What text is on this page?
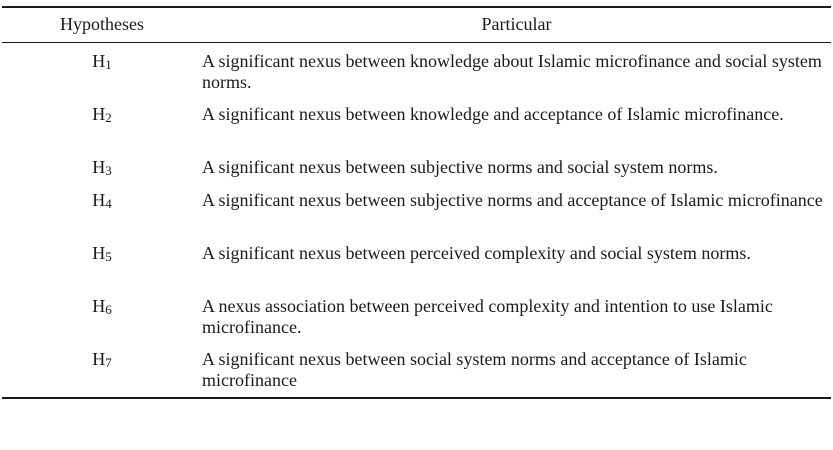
Hypotheses	Particular
H1	A significant nexus between knowledge about Islamic microfinance and social system norms.
H2	A significant nexus between knowledge and acceptance of Islamic microfinance.
H3	A significant nexus between subjective norms and social system norms.
H4	A significant nexus between subjective norms and acceptance of Islamic microfinance
H5	A significant nexus between perceived complexity and social system norms.
H6	A nexus association between perceived complexity and intention to use Islamic microfinance.
H7	A significant nexus between social system norms and acceptance of Islamic microfinance
